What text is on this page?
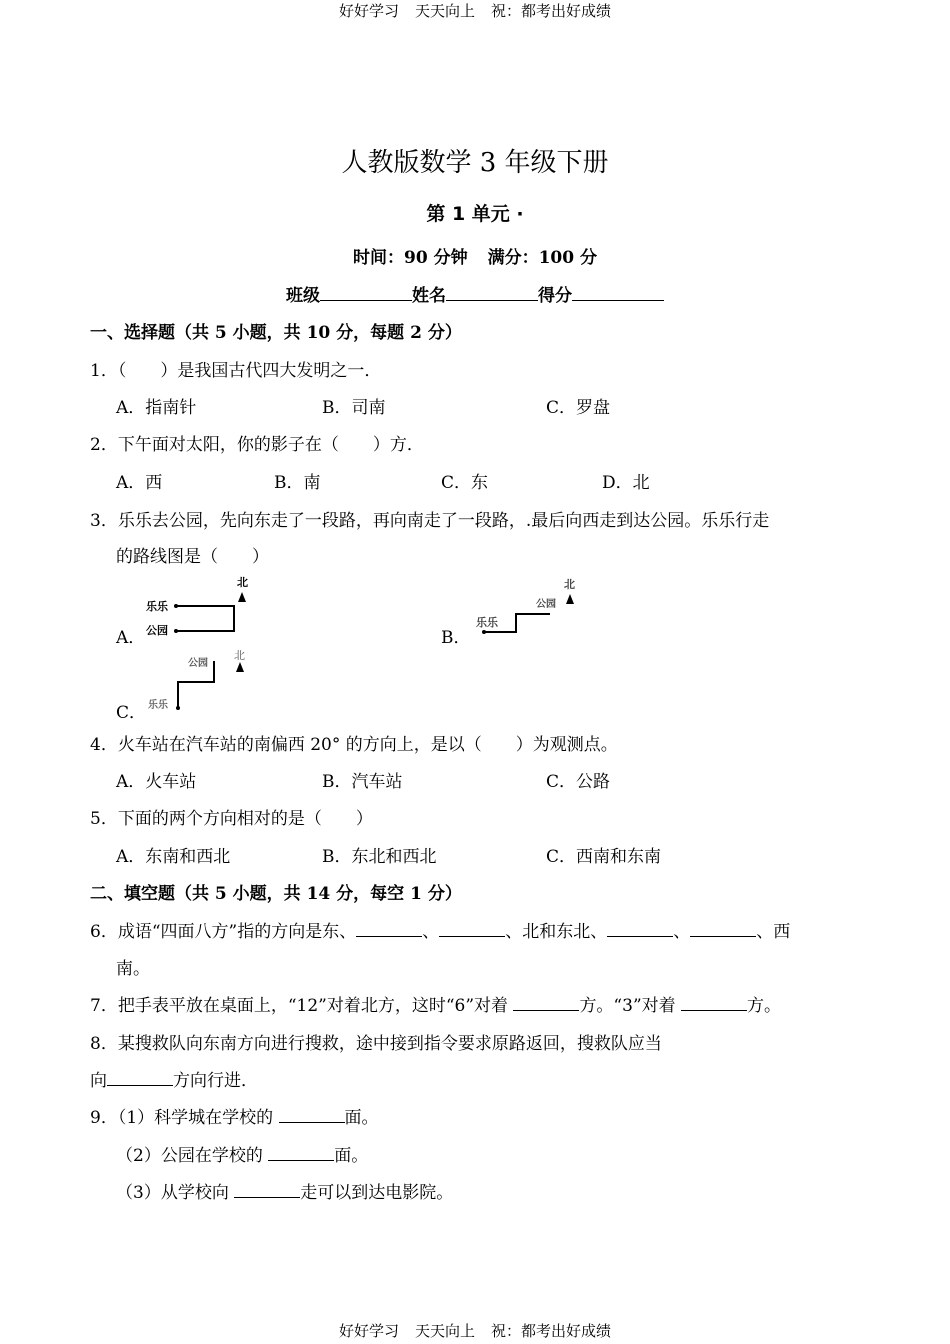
好好学习 天天向上 祝：都考出好成绩
人教版数学 3 年级下册
第 1 单元 ·
时间：90 分钟 满分：100 分
班级	姓名	得分
一、选择题（共 5 小题，共 10 分，每题 2 分）
1．（　　）是我国古代四大发明之一．
A．指南针	B．司南	C．罗盘
2．下午面对太阳，你的影子在（　　）方．
A．西	B．南	C．东	D．北
3．乐乐去公园，先向东走了一段路，再向南走了一段路，.最后向西走到达公园。乐乐行走
的路线图是（　　）
A．
北
乐乐
公园	B．
北
公园
乐乐
C．
公园
北
乐乐
4．火车站在汽车站的南偏西 20° 的方向上，是以（　　）为观测点。
A．火车站	B．汽车站	C．公路
5．下面的两个方向相对的是（　　）
A．东南和西北	B．东北和西北	C．西南和东南
二、填空题（共 5 小题，共 14 分，每空 1 分）
6．成语“四面八方”指的方向是东、	、	、北和东北、	、	、西
南。
7．把手表平放在桌面上，“12”对着北方，这时“6”对着	方。“3”对着	方。
8．某搜救队向东南方向进行搜救，途中接到指令要求原路返回，搜救队应当
向	方向行进．
9．（1）科学城在学校的	面。
（2）公园在学校的	面。
（3）从学校向	走可以到达电影院。
好好学习 天天向上 祝：都考出好成绩
